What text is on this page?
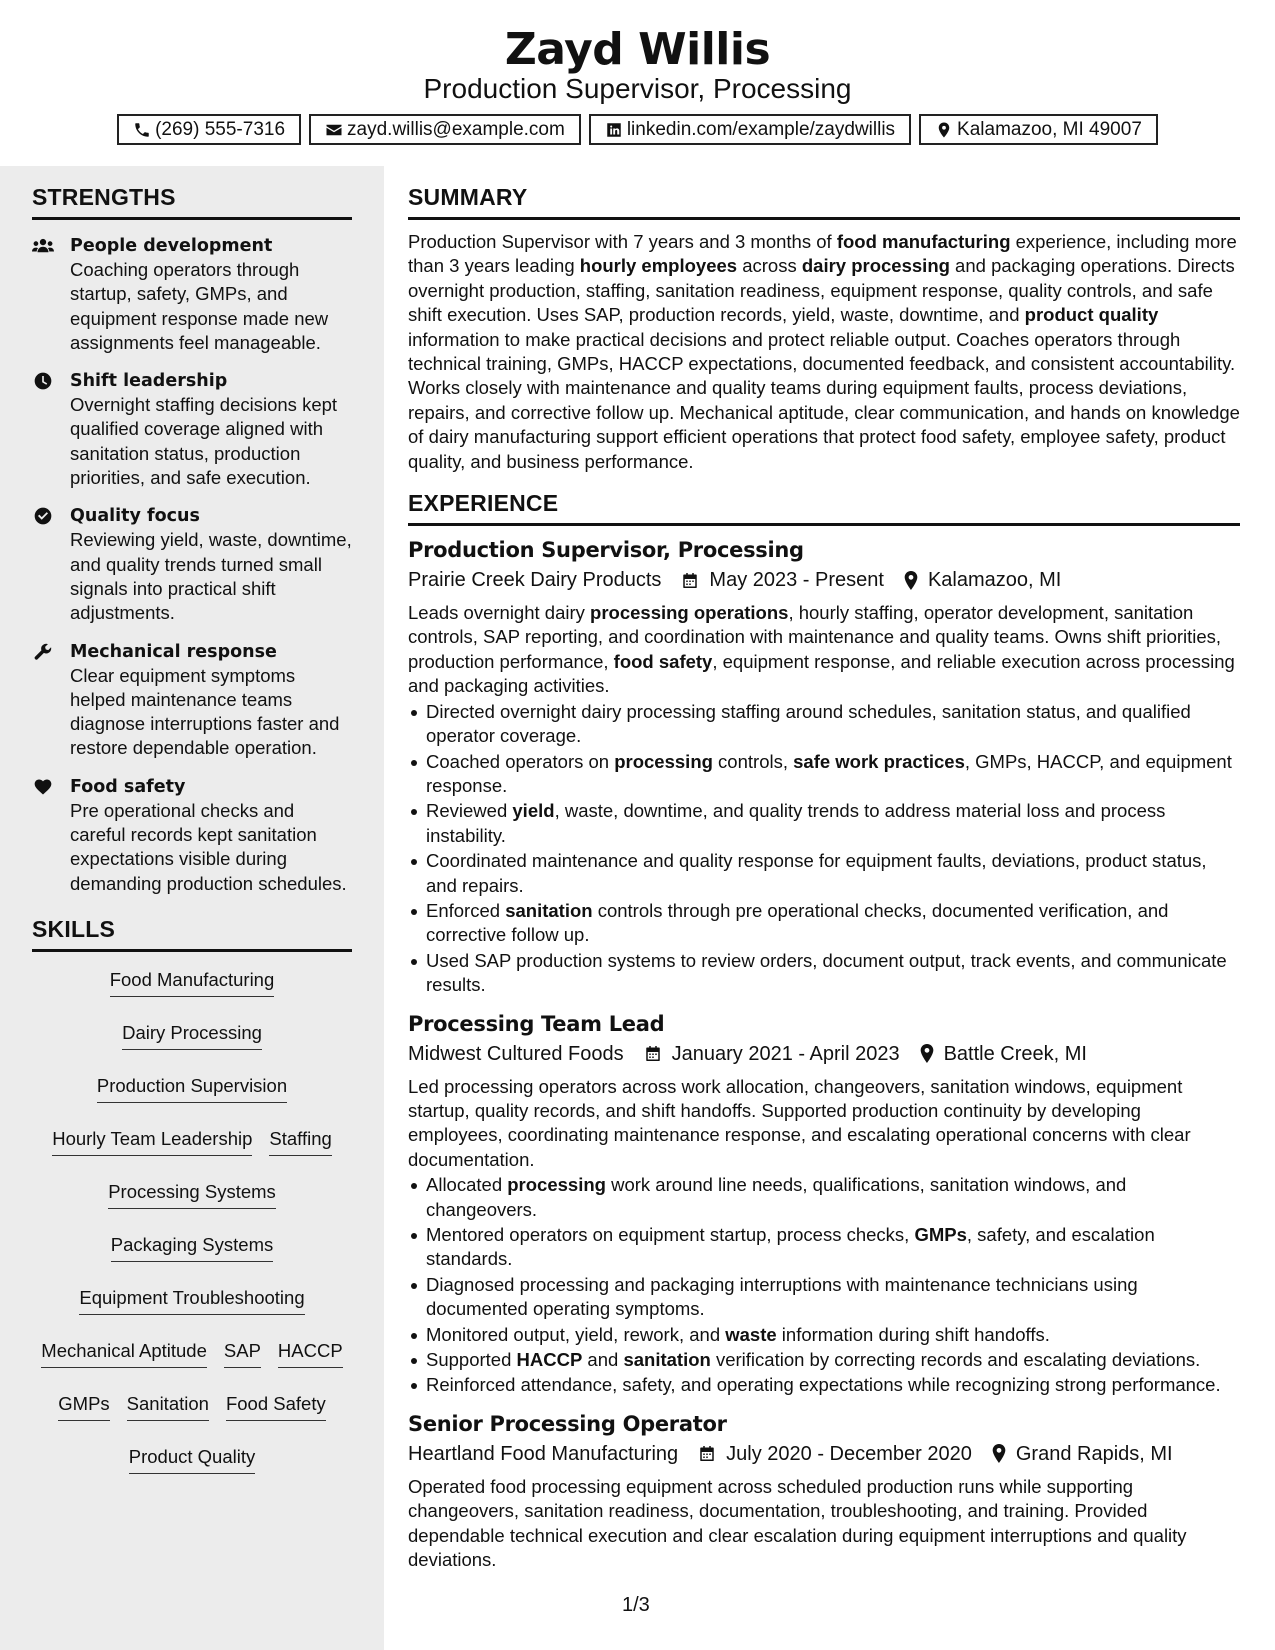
Zayd Willis
Production Supervisor, Processing
(269) 555-7316	zayd.willis@example.com	linkedin.com/example/zaydwillis	Kalamazoo, MI 49007
STRENGTHS
People development
Coaching operators through startup, safety, GMPs, and equipment response made new assignments feel manageable.
Shift leadership
Overnight staffing decisions kept qualified coverage aligned with sanitation status, production priorities, and safe execution.
Quality focus
Reviewing yield, waste, downtime, and quality trends turned small signals into practical shift adjustments.
Mechanical response
Clear equipment symptoms helped maintenance teams diagnose interruptions faster and restore dependable operation.
Food safety
Pre operational checks and careful records kept sanitation expectations visible during demanding production schedules.
SKILLS
Food Manufacturing
Dairy Processing
Production Supervision
Hourly Team Leadership Staffing
Processing Systems
Packaging Systems
Equipment Troubleshooting
Mechanical Aptitude SAP HACCP
GMPs Sanitation Food Safety
Product Quality
SUMMARY
Production Supervisor with 7 years and 3 months of food manufacturing experience, including more than 3 years leading hourly employees across dairy processing and packaging operations. Directs overnight production, staffing, sanitation readiness, equipment response, quality controls, and safe shift execution. Uses SAP, production records, yield, waste, downtime, and product quality information to make practical decisions and protect reliable output. Coaches operators through technical training, GMPs, HACCP expectations, documented feedback, and consistent accountability. Works closely with maintenance and quality teams during equipment faults, process deviations, repairs, and corrective follow up. Mechanical aptitude, clear communication, and hands on knowledge of dairy manufacturing support efficient operations that protect food safety, employee safety, product quality, and business performance.
EXPERIENCE
Production Supervisor, Processing
Prairie Creek Dairy Products May 2023 - Present Kalamazoo, MI
Leads overnight dairy processing operations, hourly staffing, operator development, sanitation controls, SAP reporting, and coordination with maintenance and quality teams. Owns shift priorities, production performance, food safety, equipment response, and reliable execution across processing and packaging activities.
Directed overnight dairy processing staffing around schedules, sanitation status, and qualified operator coverage.
Coached operators on processing controls, safe work practices, GMPs, HACCP, and equipment response.
Reviewed yield, waste, downtime, and quality trends to address material loss and process instability.
Coordinated maintenance and quality response for equipment faults, deviations, product status, and repairs.
Enforced sanitation controls through pre operational checks, documented verification, and corrective follow up.
Used SAP production systems to review orders, document output, track events, and communicate results.
Processing Team Lead
Midwest Cultured Foods January 2021 - April 2023 Battle Creek, MI
Led processing operators across work allocation, changeovers, sanitation windows, equipment startup, quality records, and shift handoffs. Supported production continuity by developing employees, coordinating maintenance response, and escalating operational concerns with clear documentation.
Allocated processing work around line needs, qualifications, sanitation windows, and changeovers.
Mentored operators on equipment startup, process checks, GMPs, safety, and escalation standards.
Diagnosed processing and packaging interruptions with maintenance technicians using documented operating symptoms.
Monitored output, yield, rework, and waste information during shift handoffs.
Supported HACCP and sanitation verification by correcting records and escalating deviations.
Reinforced attendance, safety, and operating expectations while recognizing strong performance.
Senior Processing Operator
Heartland Food Manufacturing July 2020 - December 2020 Grand Rapids, MI
Operated food processing equipment across scheduled production runs while supporting changeovers, sanitation readiness, documentation, troubleshooting, and training. Provided dependable technical execution and clear escalation during equipment interruptions and quality deviations.
1/3
